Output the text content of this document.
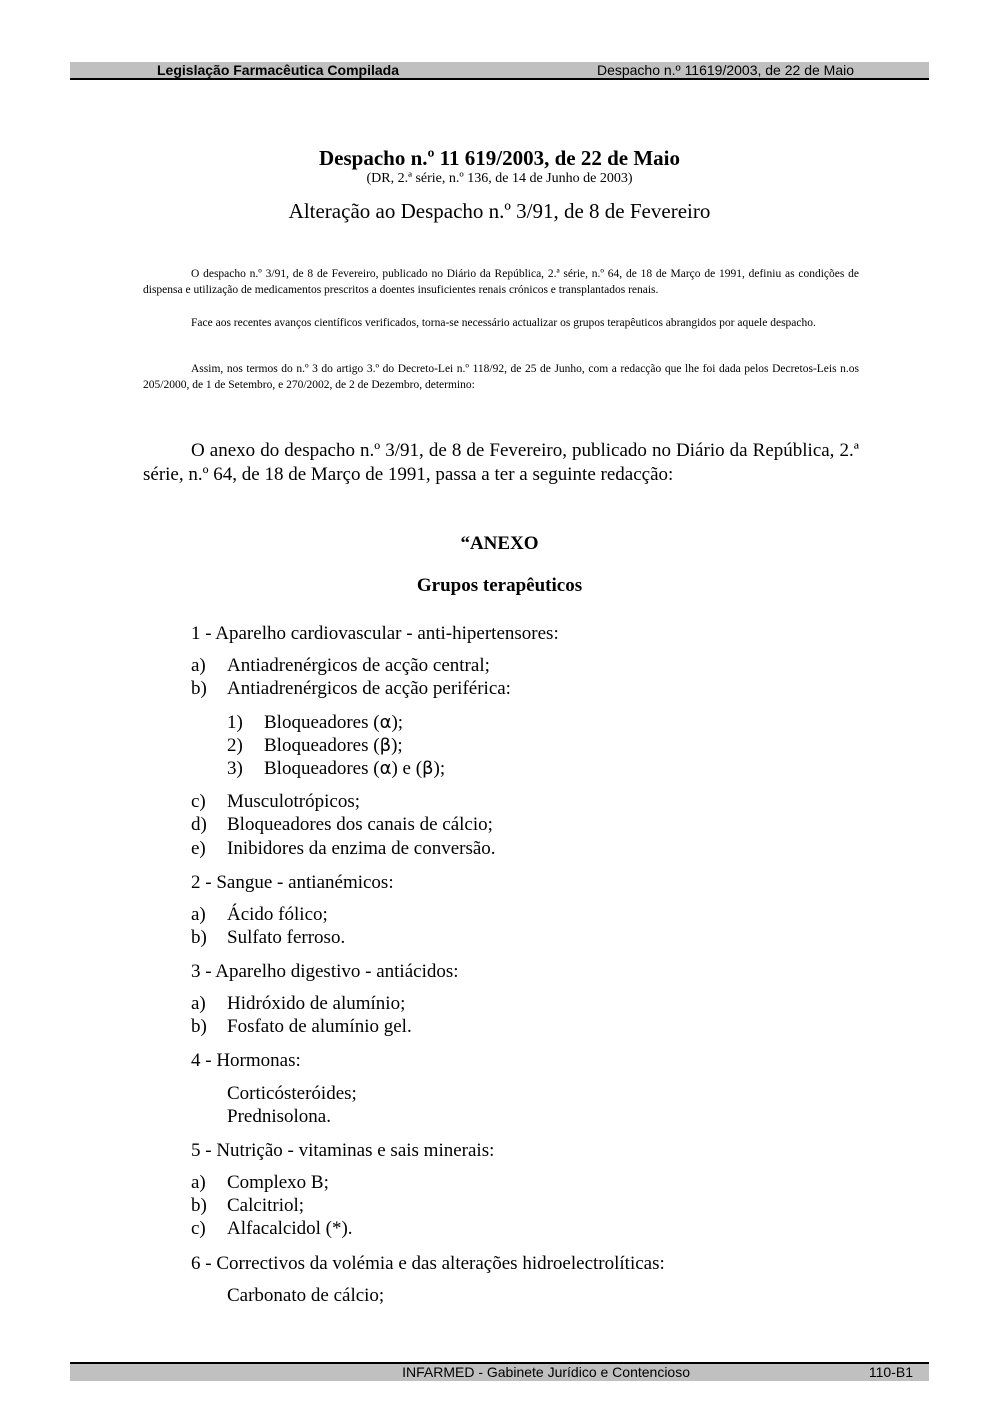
Legislação Farmacêutica Compilada	Despacho n.º 11619/2003, de 22 de Maio
Despacho n.º 11 619/2003, de 22 de Maio
(DR, 2.ª série, n.º 136, de 14 de Junho de 2003)
Alteração ao Despacho n.º 3/91, de 8 de Fevereiro
O despacho n.º 3/91, de 8 de Fevereiro, publicado no Diário da República, 2.ª série, n.º 64, de 18 de Março de 1991, definiu as condições de dispensa e utilização de medicamentos prescritos a doentes insuficientes renais crónicos e transplantados renais.
Face aos recentes avanços científicos verificados, torna-se necessário actualizar os grupos terapêuticos abrangidos por aquele despacho.
Assim, nos termos do n.º 3 do artigo 3.º do Decreto-Lei n.º 118/92, de 25 de Junho, com a redacção que lhe foi dada pelos Decretos-Leis n.os 205/2000, de 1 de Setembro, e 270/2002, de 2 de Dezembro, determino:
O anexo do despacho n.º 3/91, de 8 de Fevereiro, publicado no Diário da República, 2.ª série, n.º 64, de 18 de Março de 1991, passa a ter a seguinte redacção:
“ANEXO
Grupos terapêuticos
1 - Aparelho cardiovascular - anti-hipertensores:
a) Antiadrenérgicos de acção central;
b) Antiadrenérgicos de acção periférica:
1) Bloqueadores (α);
2) Bloqueadores (β);
3) Bloqueadores (α) e (β);
c) Musculotrópicos;
d) Bloqueadores dos canais de cálcio;
e) Inibidores da enzima de conversão.
2 - Sangue - antianémicos:
a) Ácido fólico;
b) Sulfato ferroso.
3 - Aparelho digestivo - antiácidos:
a) Hidróxido de alumínio;
b) Fosfato de alumínio gel.
4 - Hormonas:
Corticósteróides;
Prednisolona.
5 - Nutrição - vitaminas e sais minerais:
a) Complexo B;
b) Calcitriol;
c) Alfacalcidol (*).
6 - Correctivos da volémia e das alterações hidroelectrolíticas:
Carbonato de cálcio;
INFARMED - Gabinete Jurídico e Contencioso	110-B1
